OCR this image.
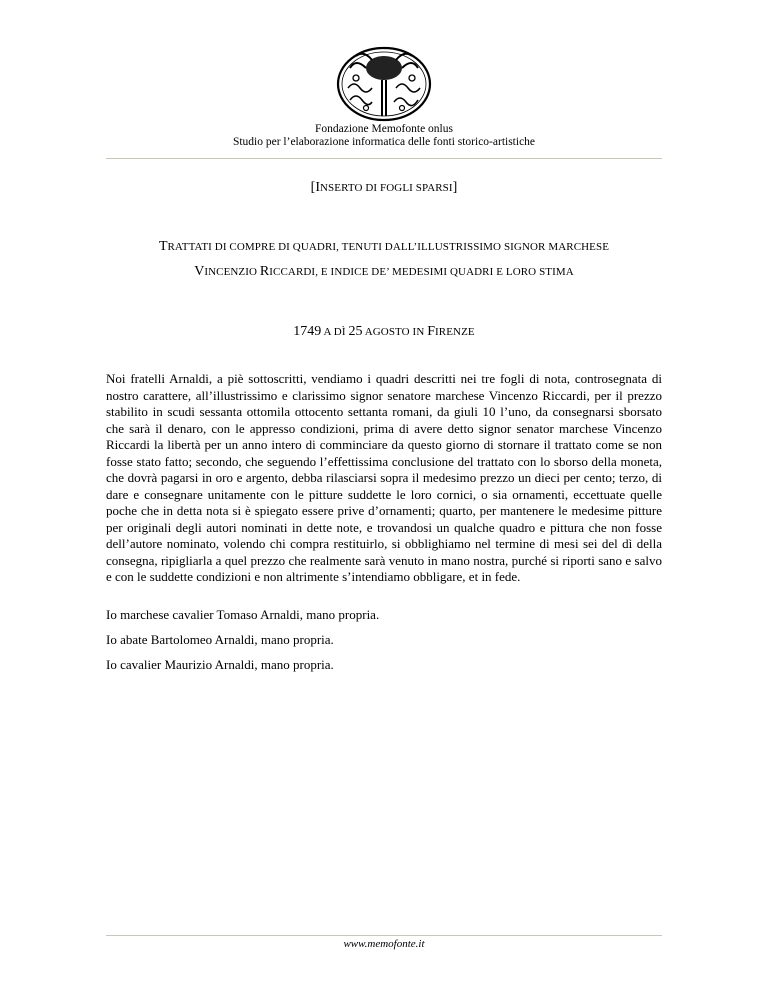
Fondazione Memofonte onlus
Studio per l’elaborazione informatica delle fonti storico-artistiche
[INSERTO DI FOGLI SPARSI]
TRATTATI DI COMPRE DI QUADRI, TENUTI DALL’ILLUSTRISSIMO SIGNOR MARCHESE
VINCENZIO RICCARDI, E INDICE DE’ MEDESIMI QUADRI E LORO STIMA
1749 A DÌ 25 AGOSTO IN FIRENZE

Noi fratelli Arnaldi, a piè sottoscritti, vendiamo i quadri descritti nei tre fogli di nota, controsegnata di nostro carattere, all’illustrissimo e clarissimo signor senatore marchese Vincenzo Riccardi, per il prezzo stabilito in scudi sessanta ottomila ottocento settanta romani, da giuli 10 l’uno, da consegnarsi sborsato che sarà il denaro, con le appresso condizioni, prima di avere detto signor senator marchese Vincenzo Riccardi la libertà per un anno intero di comminciare da questo giorno di stornare il trattato come se non fosse stato fatto; secondo, che seguendo l’effettissima conclusione del trattato con lo sborso della moneta, che dovrà pagarsi in oro e argento, debba rilasciarsi sopra il medesimo prezzo un dieci per cento; terzo, di dare e consegnare unitamente con le pitture suddette le loro cornici, o sia ornamenti, eccettuate quelle poche che in detta nota si è spiegato essere prive d’ornamenti; quarto, per mantenere le medesime pitture per originali degli autori nominati in dette note, e trovandosi un qualche quadro e pittura che non fosse dell’autore nominato, volendo chi compra restituirlo, si obblighiamo nel termine di mesi sei del dì della consegna, ripigliarla a quel prezzo che realmente sarà venuto in mano nostra, purché si riporti sano e salvo e con le suddette condizioni e non altrimente s’intendiamo obbligare, et in fede.

Io marchese cavalier Tomaso Arnaldi, mano propria.

Io abate Bartolomeo Arnaldi, mano propria.

Io cavalier Maurizio Arnaldi, mano propria.

www.memofonte.it
